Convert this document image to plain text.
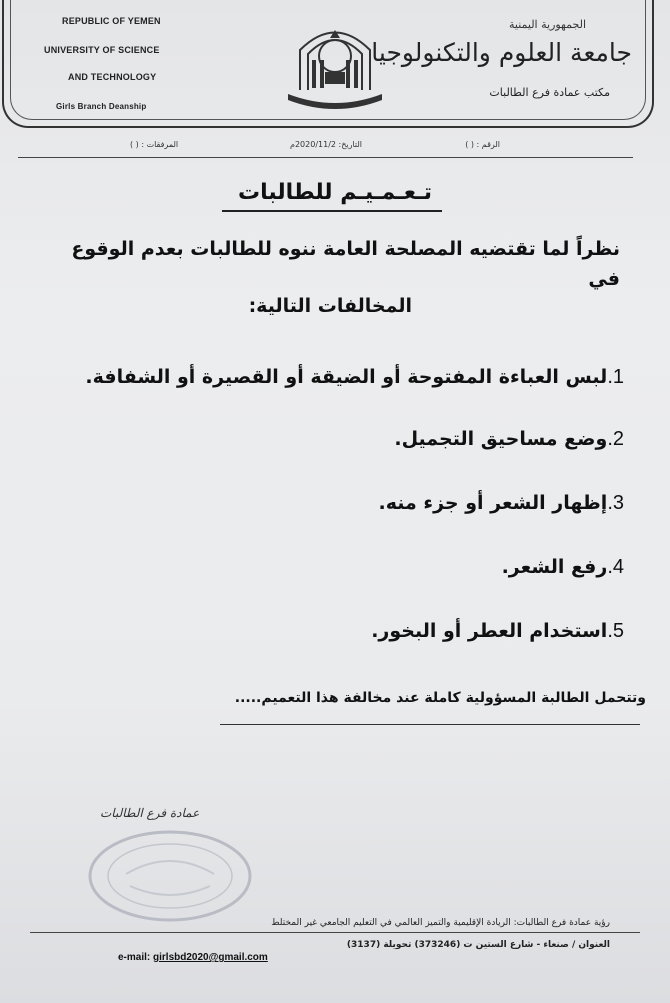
REPUBLIC OF YEMEN
UNIVERSITY OF SCIENCE
AND TECHNOLOGY
Girls Branch Deanship
الجمهورية اليمنية
جامعة العلوم والتكنولوجيا
مكتب عمادة فرع الطالبات
الرقم : ( )
التاريخ: 2020/11/2م
المرفقات : ( )
تـعـمـيـم للطالبات
نظراً لما تقتضيه المصلحة العامة ننوه للطالبات بعدم الوقوع في
المخالفات التالية:
1.لبس العباءة المفتوحة أو الضيقة أو القصيرة أو الشفافة.
2.وضع مساحيق التجميل.
3.إظهار الشعر أو جزء منه.
4.رفع الشعر.
5.استخدام العطر أو البخور.
وتتحمل الطالبة المسؤولية كاملة عند مخالفة هذا التعميم.....
عمادة فرع الطالبات
رؤية عمادة فرع الطالبات: الريادة الإقليمية والتميز العالمي في التعليم الجامعي غير المختلط
العنوان / صنعاء - شارع الستين ت (373246) تحويلة (3137)
e-mail: girlsbd2020@gmail.com
